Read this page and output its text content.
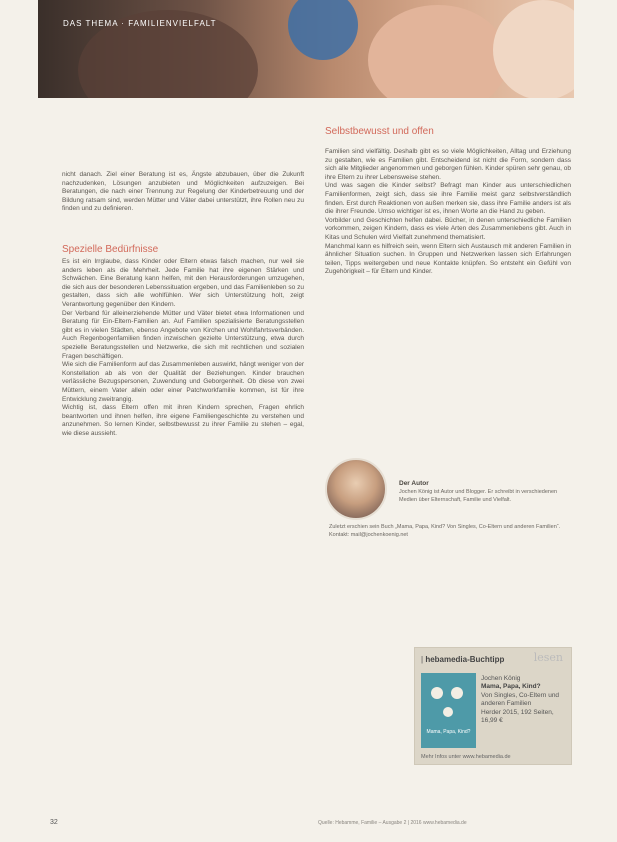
DAS THEMA · FAMILIENVIELFALT

nicht danach. Ziel einer Beratung ist es, Ängste abzubauen, über die Zukunft nachzudenken, Lösungen anzubieten und Möglichkeiten aufzuzeigen. Bei Beratungen, die nach einer Trennung zur Regelung der Kinderbetreuung und der Bildung ratsam sind, werden Mütter und Väter dabei unterstützt, ihre Rollen neu zu finden und zu definieren.

Spezielle Bedürfnisse

Es ist ein Irrglaube, dass Kinder oder Eltern etwas falsch machen, nur weil sie anders leben als die Mehrheit. Jede Familie hat ihre eigenen Stärken und Schwächen. Eine Beratung kann helfen, mit den Herausforderungen umzugehen, die sich aus der besonderen Lebenssituation ergeben, und das Familienleben so zu gestalten, dass sich alle wohlfühlen. Wer sich Unterstützung holt, zeigt Verantwortung gegenüber den Kindern.

Der Verband für alleinerziehende Mütter und Väter bietet etwa Informationen und Beratung für Ein-Eltern-Familien an. Auf Familien spezialisierte Beratungsstellen gibt es in vielen Städten, ebenso Angebote von Kirchen und Wohlfahrtsverbänden. Auch Regenbogenfamilien finden inzwischen gezielte Unterstützung, etwa durch spezielle Beratungsstellen und Netzwerke, die sich mit rechtlichen und sozialen Fragen beschäftigen.

Wie sich die Familienform auf das Zusammenleben auswirkt, hängt weniger von der Konstellation ab als von der Qualität der Beziehungen. Kinder brauchen verlässliche Bezugspersonen, Zuwendung und Geborgenheit. Ob diese von zwei Müttern, einem Vater allein oder einer Patchworkfamilie kommen, ist für ihre Entwicklung zweitrangig.

Wichtig ist, dass Eltern offen mit ihren Kindern sprechen, Fragen ehrlich beantworten und ihnen helfen, ihre eigene Familiengeschichte zu verstehen und anzunehmen. So lernen Kinder, selbstbewusst zu ihrer Familie zu stehen – egal, wie diese aussieht.

Selbstbewusst und offen

Familien sind vielfältig. Deshalb gibt es so viele Möglichkeiten, Alltag und Erziehung zu gestalten, wie es Familien gibt. Entscheidend ist nicht die Form, sondern dass sich alle Mitglieder angenommen und geborgen fühlen. Kinder spüren sehr genau, ob ihre Eltern zu ihrer Lebensweise stehen.

Und was sagen die Kinder selbst? Befragt man Kinder aus unterschiedlichen Familienformen, zeigt sich, dass sie ihre Familie meist ganz selbstverständlich finden. Erst durch Reaktionen von außen merken sie, dass ihre Familie anders ist als die ihrer Freunde. Umso wichtiger ist es, ihnen Worte an die Hand zu geben.

Vorbilder und Geschichten helfen dabei. Bücher, in denen unterschiedliche Familien vorkommen, zeigen Kindern, dass es viele Arten des Zusammenlebens gibt. Auch in Kitas und Schulen wird Vielfalt zunehmend thematisiert.

Manchmal kann es hilfreich sein, wenn Eltern sich Austausch mit anderen Familien in ähnlicher Situation suchen. In Gruppen und Netzwerken lassen sich Erfahrungen teilen, Tipps weitergeben und neue Kontakte knüpfen. So entsteht ein Gefühl von Zugehörigkeit – für Eltern und Kinder.

Der Autor
Jochen König ist Autor und Blogger. Er schreibt in verschiedenen Medien über Elternschaft, Familie und Vielfalt.
Zuletzt erschien sein Buch „Mama, Papa, Kind? Von Singles, Co-Eltern und anderen Familien“.
Kontakt: mail@jochenkoenig.net
| hebamedia-Buchtipp	lesen
Mama, Papa, Kind?
Jochen König
Mama, Papa, Kind?
Von Singles, Co-Eltern und anderen Familien
Herder 2015, 192 Seiten, 16,99 €
Mehr Infos unter www.hebamedia.de
32	Quelle: Hebamme, Familie – Ausgabe 2 | 2016 www.hebamedia.de
